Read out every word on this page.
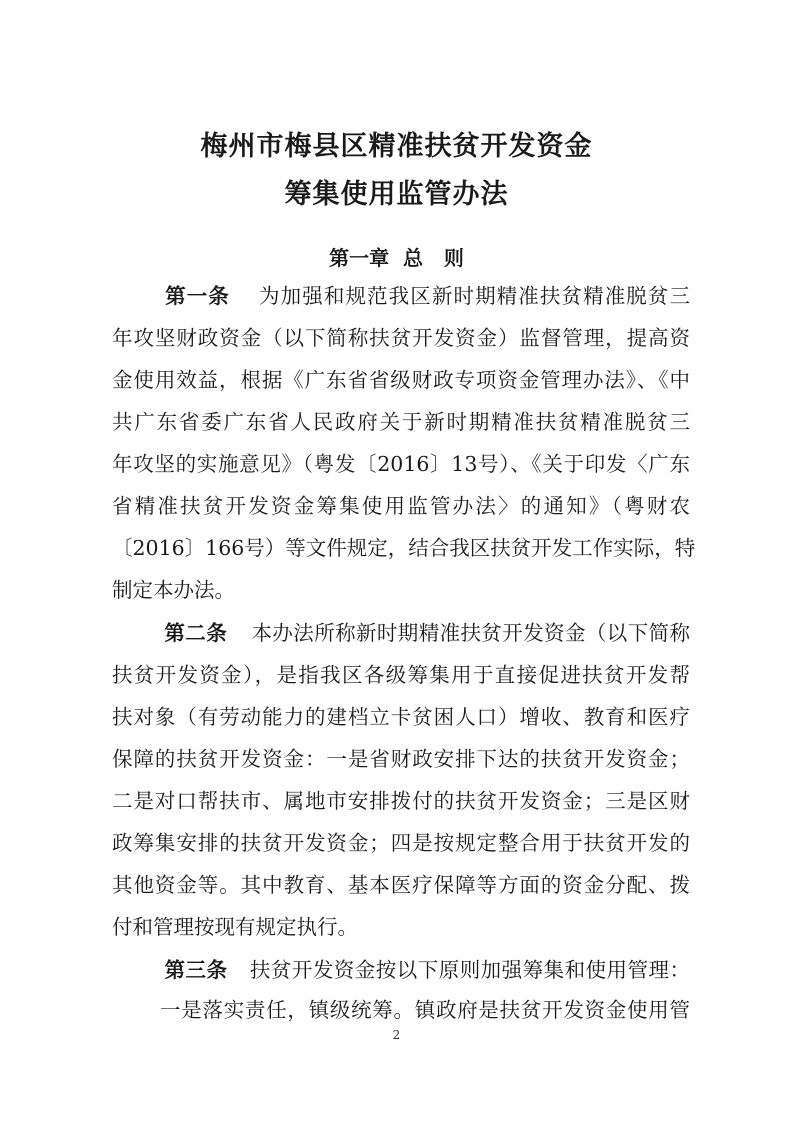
梅州市梅县区精准扶贫开发资金
筹集使用监管办法
第一章  总   则
第一条 为加强和规范我区新时期精准扶贫精准脱贫三
年攻坚财政资金（以下简称扶贫开发资金）监督管理，提高资
金使用效益，根据《广东省省级财政专项资金管理办法》、《中
共广东省委广东省人民政府关于新时期精准扶贫精准脱贫三
年攻坚的实施意见》（粤发〔2016〕13号）、《关于印发〈广东
省精准扶贫开发资金筹集使用监管办法〉的通知》（粤财农
〔2016〕166号）等文件规定，结合我区扶贫开发工作实际，特
制定本办法。
第二条 本办法所称新时期精准扶贫开发资金（以下简称
扶贫开发资金），是指我区各级筹集用于直接促进扶贫开发帮
扶对象（有劳动能力的建档立卡贫困人口）增收、教育和医疗
保障的扶贫开发资金：一是省财政安排下达的扶贫开发资金；
二是对口帮扶市、属地市安排拨付的扶贫开发资金；三是区财
政筹集安排的扶贫开发资金；四是按规定整合用于扶贫开发的
其他资金等。其中教育、基本医疗保障等方面的资金分配、拨
付和管理按现有规定执行。
第三条 扶贫开发资金按以下原则加强筹集和使用管理：
一是落实责任，镇级统筹。镇政府是扶贫开发资金使用管
2
